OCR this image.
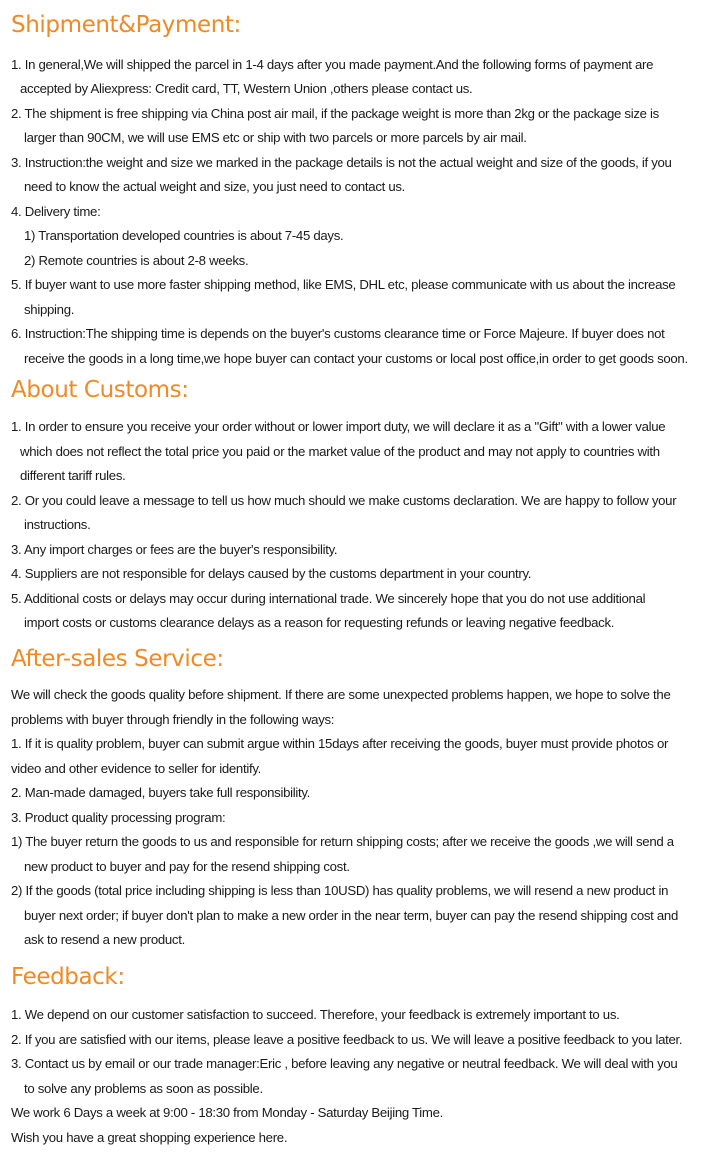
Shipment&Payment:
1. In general,We will shipped the parcel in 1-4 days after you made payment.And the following forms of payment are
accepted by Aliexpress: Credit card, TT, Western Union ,others please contact us.
2. The shipment is free shipping via China post air mail, if the package weight is more than 2kg or the package size is
larger than 90CM, we will use EMS etc or ship with two parcels or more parcels by air mail.
3. Instruction:the weight and size we marked in the package details is not the actual weight and size of the goods, if you
need to know the actual weight and size, you just need to contact us.
4. Delivery time:
1) Transportation developed countries is about 7-45 days.
2) Remote countries is about 2-8 weeks.
5. If buyer want to use more faster shipping method, like EMS, DHL etc, please communicate with us about the increase
shipping.
6. Instruction:The shipping time is depends on the buyer's customs clearance time or Force Majeure. If buyer does not
receive the goods in a long time,we hope buyer can contact your customs or local post office,in order to get goods soon.
About Customs:
1. In order to ensure you receive your order without or lower import duty, we will declare it as a "Gift" with a lower value
which does not reflect the total price you paid or the market value of the product and may not apply to countries with
different tariff rules.
2. Or you could leave a message to tell us how much should we make customs declaration. We are happy to follow your
instructions.
3. Any import charges or fees are the buyer's responsibility.
4. Suppliers are not responsible for delays caused by the customs department in your country.
5. Additional costs or delays may occur during international trade. We sincerely hope that you do not use additional
import costs or customs clearance delays as a reason for requesting refunds or leaving negative feedback.
After-sales Service:
We will check the goods quality before shipment. If there are some unexpected problems happen, we hope to solve the
problems with buyer through friendly in the following ways:
1. If it is quality problem, buyer can submit argue within 15days after receiving the goods, buyer must provide photos or
video and other evidence to seller for identify.
2. Man-made damaged, buyers take full responsibility.
3. Product quality processing program:
1) The buyer return the goods to us and responsible for return shipping costs; after we receive the goods ,we will send a
new product to buyer and pay for the resend shipping cost.
2) If the goods (total price including shipping is less than 10USD) has quality problems, we will resend a new product in
buyer next order; if buyer don't plan to make a new order in the near term, buyer can pay the resend shipping cost and
ask to resend a new product.
Feedback:
1. We depend on our customer satisfaction to succeed. Therefore, your feedback is extremely important to us.
2. If you are satisfied with our items, please leave a positive feedback to us. We will leave a positive feedback to you later.
3. Contact us by email or our trade manager:Eric , before leaving any negative or neutral feedback. We will deal with you
to solve any problems as soon as possible.
We work 6 Days a week at 9:00 - 18:30 from Monday - Saturday Beijing Time.
Wish you have a great shopping experience here.
